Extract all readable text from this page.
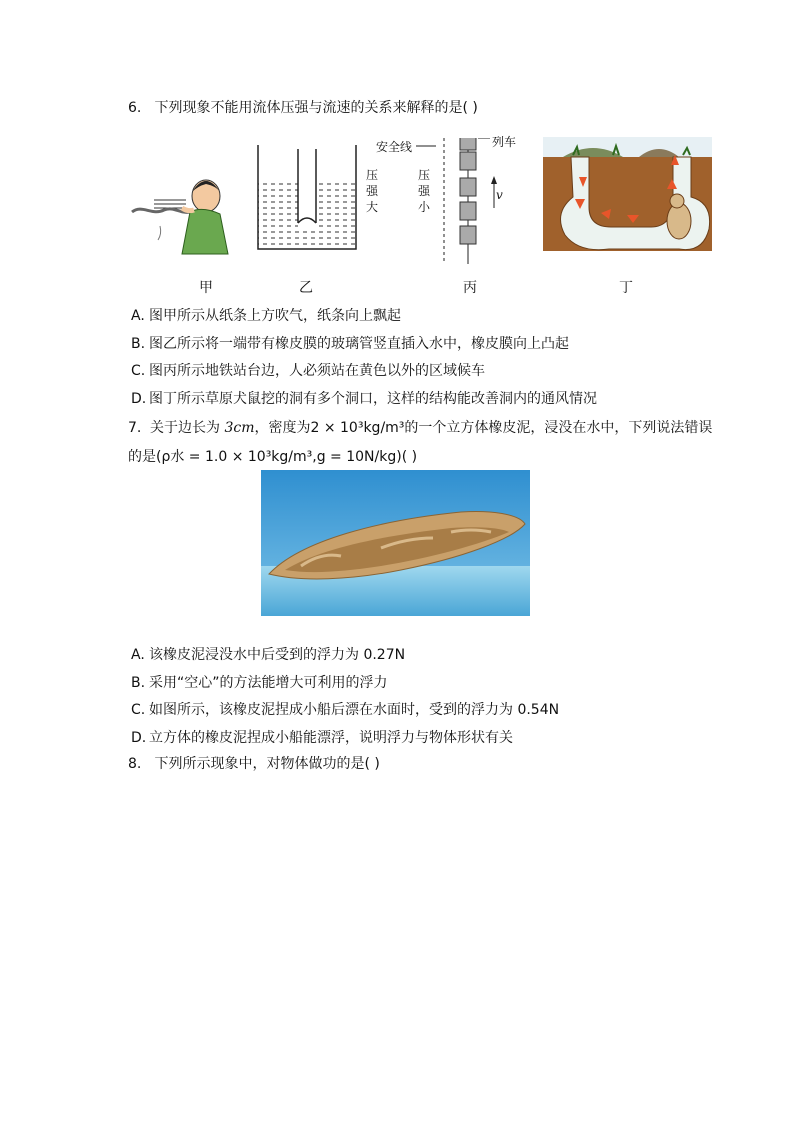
6. 下列现象不能用流体压强与流速的关系来解释的是( )
甲	乙
安全线	列车
v
压强大
压强小
丙	丁
A. 图甲所示从纸条上方吹气，纸条向上飘起
B. 图乙所示将一端带有橡皮膜的玻璃管竖直插入水中，橡皮膜向上凸起
C. 图丙所示地铁站台边，人必须站在黄色以外的区域候车
D. 图丁所示草原犬鼠挖的洞有多个洞口，这样的结构能改善洞内的通风情况
7. 关于边长为 3cm，密度为2 × 10³kg/m³的一个立方体橡皮泥，浸没在水中，下列说法错误
的是(ρ水 = 1.0 × 10³kg/m³,g = 10N/kg)( )
A. 该橡皮泥浸没水中后受到的浮力为 0.27N
B. 采用“空心”的方法能增大可利用的浮力
C. 如图所示，该橡皮泥捏成小船后漂在水面时，受到的浮力为 0.54N
D. 立方体的橡皮泥捏成小船能漂浮，说明浮力与物体形状有关
8. 下列所示现象中，对物体做功的是( )
